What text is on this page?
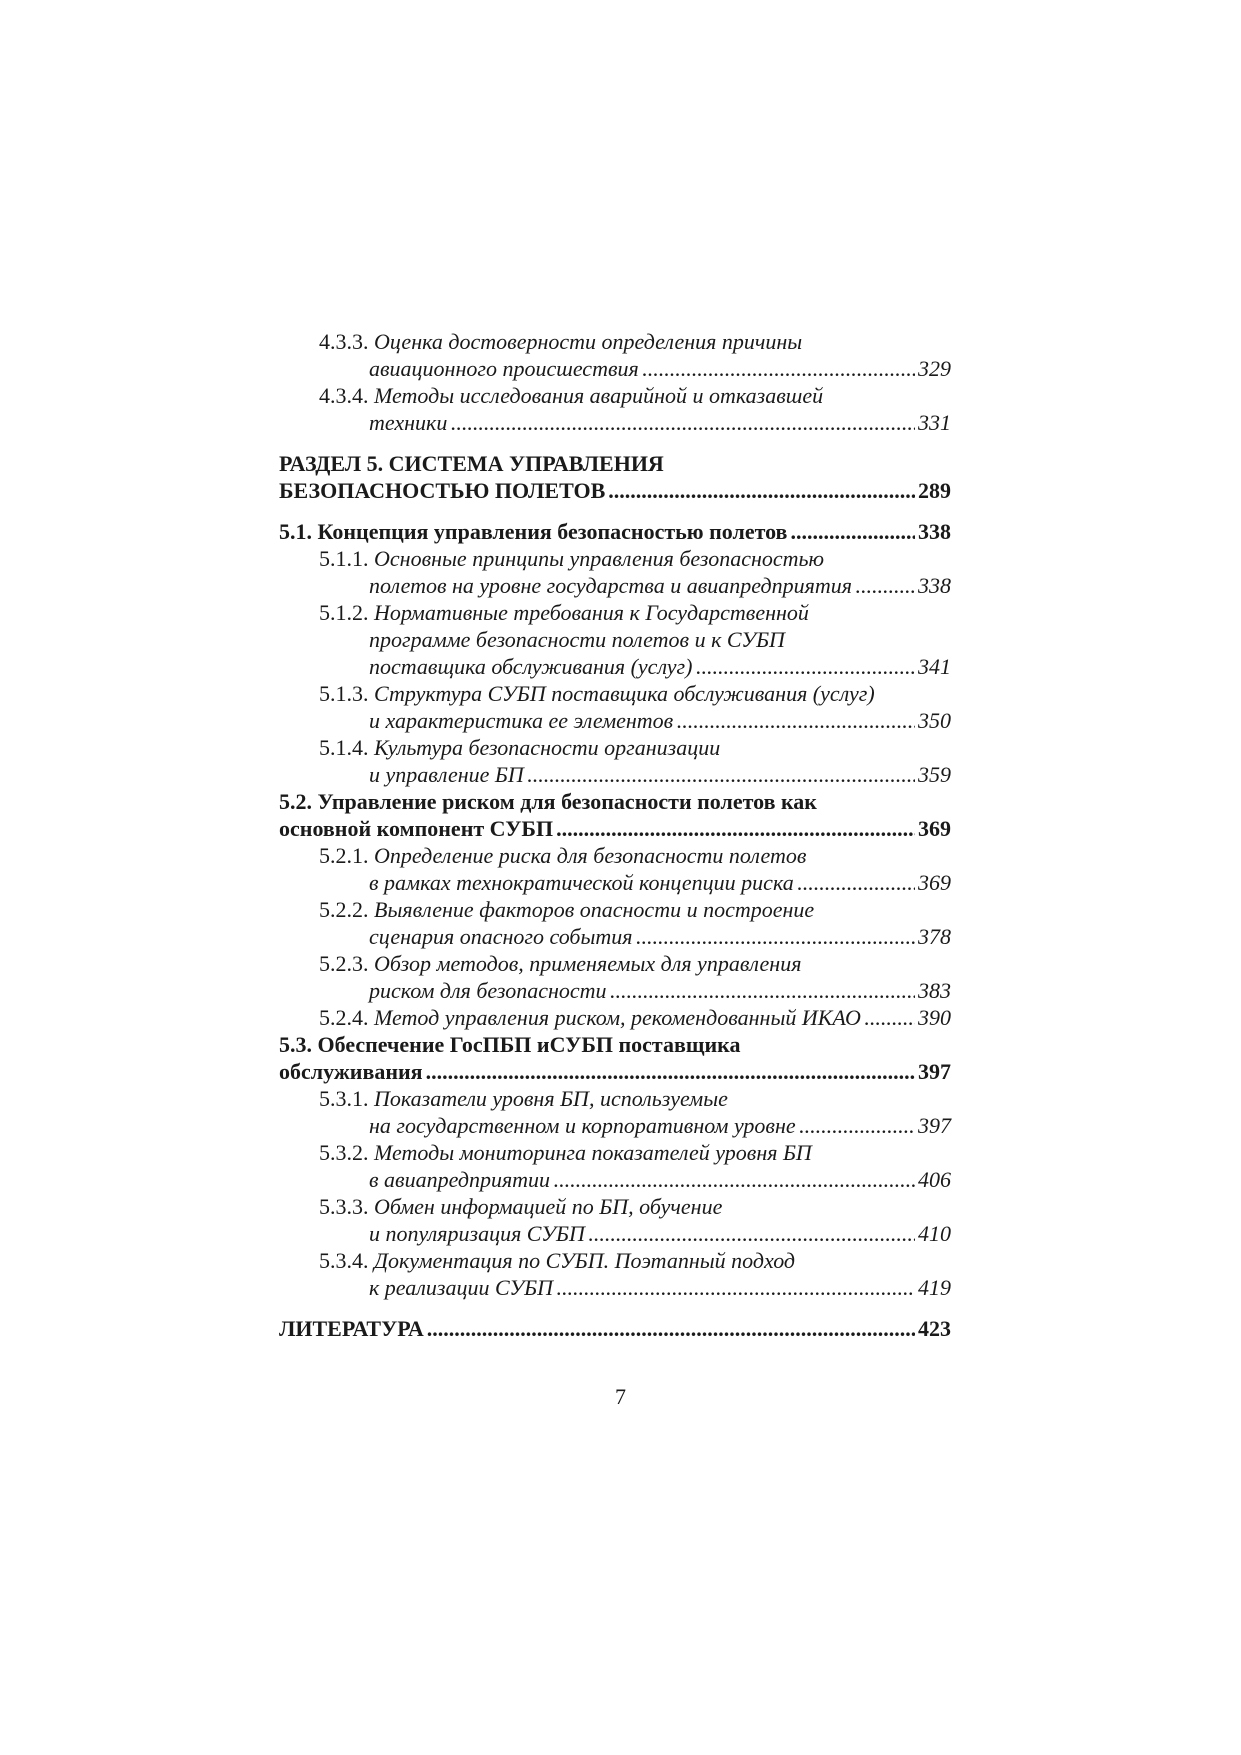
4.3.3.
Оценка достоверности определения причины
авиационного происшествия .....	329
4.3.4.
Методы исследования аварийной и отказавшей
техники .....	331
РАЗДЕЛ 5. СИСТЕМА УПРАВЛЕНИЯ
БЕЗОПАСНОСТЬЮ ПОЛЕТОВ .....	289
5.1. Концепция управления безопасностью полетов .....	338
5.1.1.
Основные принципы управления безопасностью
полетов на уровне государства и авиапредприятия .....	338
5.1.2.
Нормативные требования к Государственной
программе безопасности полетов и к СУБП
поставщика обслуживания (услуг) .....	341
5.1.3.
Структура СУБП поставщика обслуживания (услуг)
и характеристика ее элементов .....	350
5.1.4.
Культура безопасности организации
и управление БП .....	359
5.2. Управление риском для безопасности полетов как
основной компонент СУБП .....	369
5.2.1.
Определение риска для безопасности полетов
в рамках технократической концепции риска .....	369
5.2.2.
Выявление факторов опасности и построение
сценария опасного события .....	378
5.2.3.
Обзор методов, применяемых для управления
риском для безопасности .....	383
5.2.4.
Метод управления риском, рекомендованный ИКАО .....	390
5.3. Обеспечение ГосПБП иСУБП поставщика
обслуживания .....	397
5.3.1.
Показатели уровня БП, используемые
на государственном и корпоративном уровне .....	397
5.3.2.
Методы мониторинга показателей уровня БП
в авиапредприятии .....	406
5.3.3.
Обмен информацией по БП, обучение
и популяризация СУБП .....	410
5.3.4.
Документация по СУБП. Поэтапный подход
к реализации СУБП .....	419
ЛИТЕРАТУРА .....	423
7
